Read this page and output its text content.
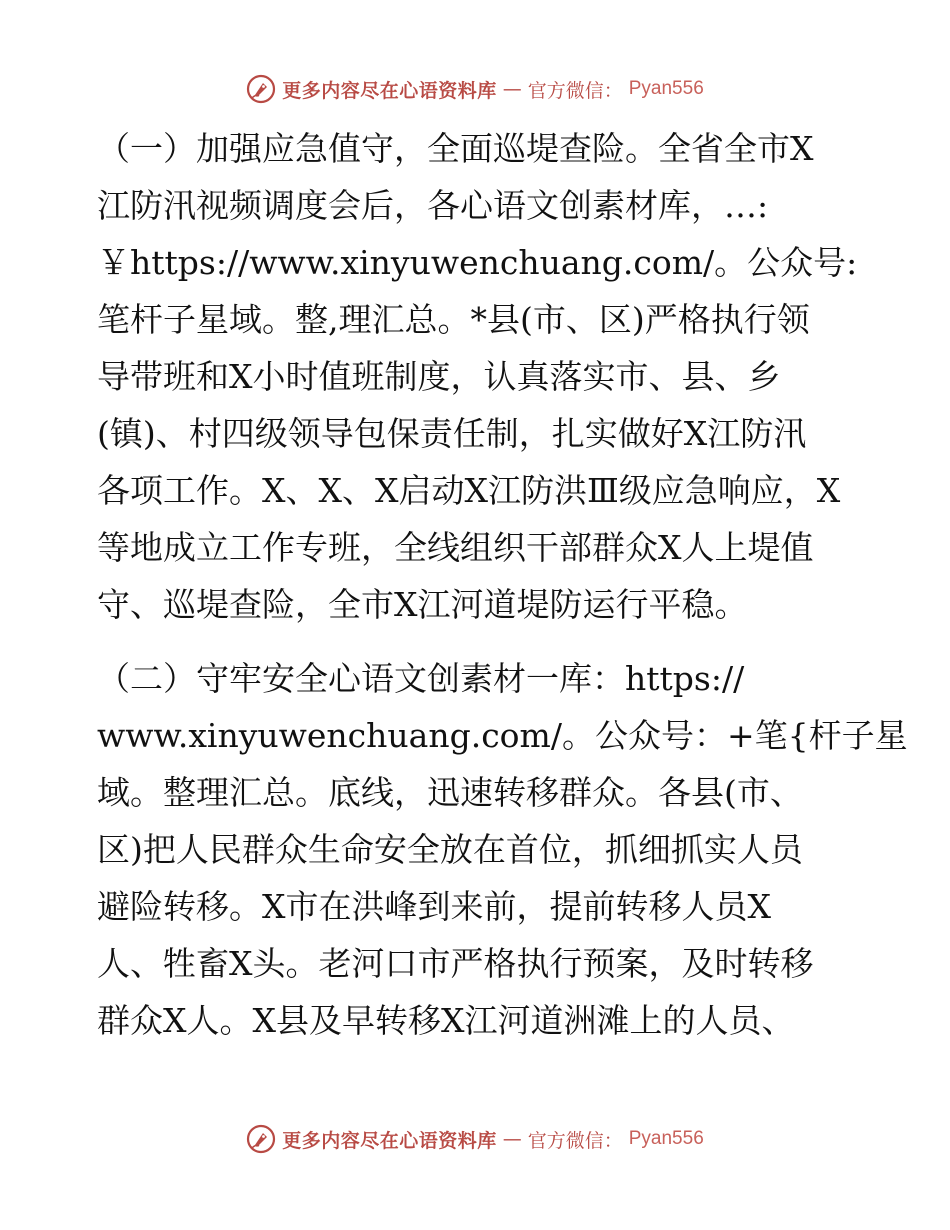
更多内容尽在心语资料库 — 官方微信： Pyan556

（一）加强应急值守，全面巡堤查险。全省全市X
江防汛视频调度会后，各心语文创素材库，…:
￥https://www.xinyuwenchuang.com/。公众号:
笔杆子星域。整,理汇总。*县(市、区)严格执行领
导带班和X小时值班制度，认真落实市、县、乡
(镇)、村四级领导包保责任制，扎实做好X江防汛
各项工作。X、X、X启动X江防洪Ⅲ级应急响应，X
等地成立工作专班，全线组织干部群众X人上堤值
守、巡堤查险，全市X江河道堤防运行平稳。

（二）守牢安全心语文创素材一库：https://
www.xinyuwenchuang.com/。公众号：+笔{杆子星
域。整理汇总。底线，迅速转移群众。各县(市、
区)把人民群众生命安全放在首位，抓细抓实人员
避险转移。X市在洪峰到来前，提前转移人员X
人、牲畜X头。老河口市严格执行预案，及时转移
群众X人。X县及早转移X江河道洲滩上的人员、

更多内容尽在心语资料库 — 官方微信： Pyan556
